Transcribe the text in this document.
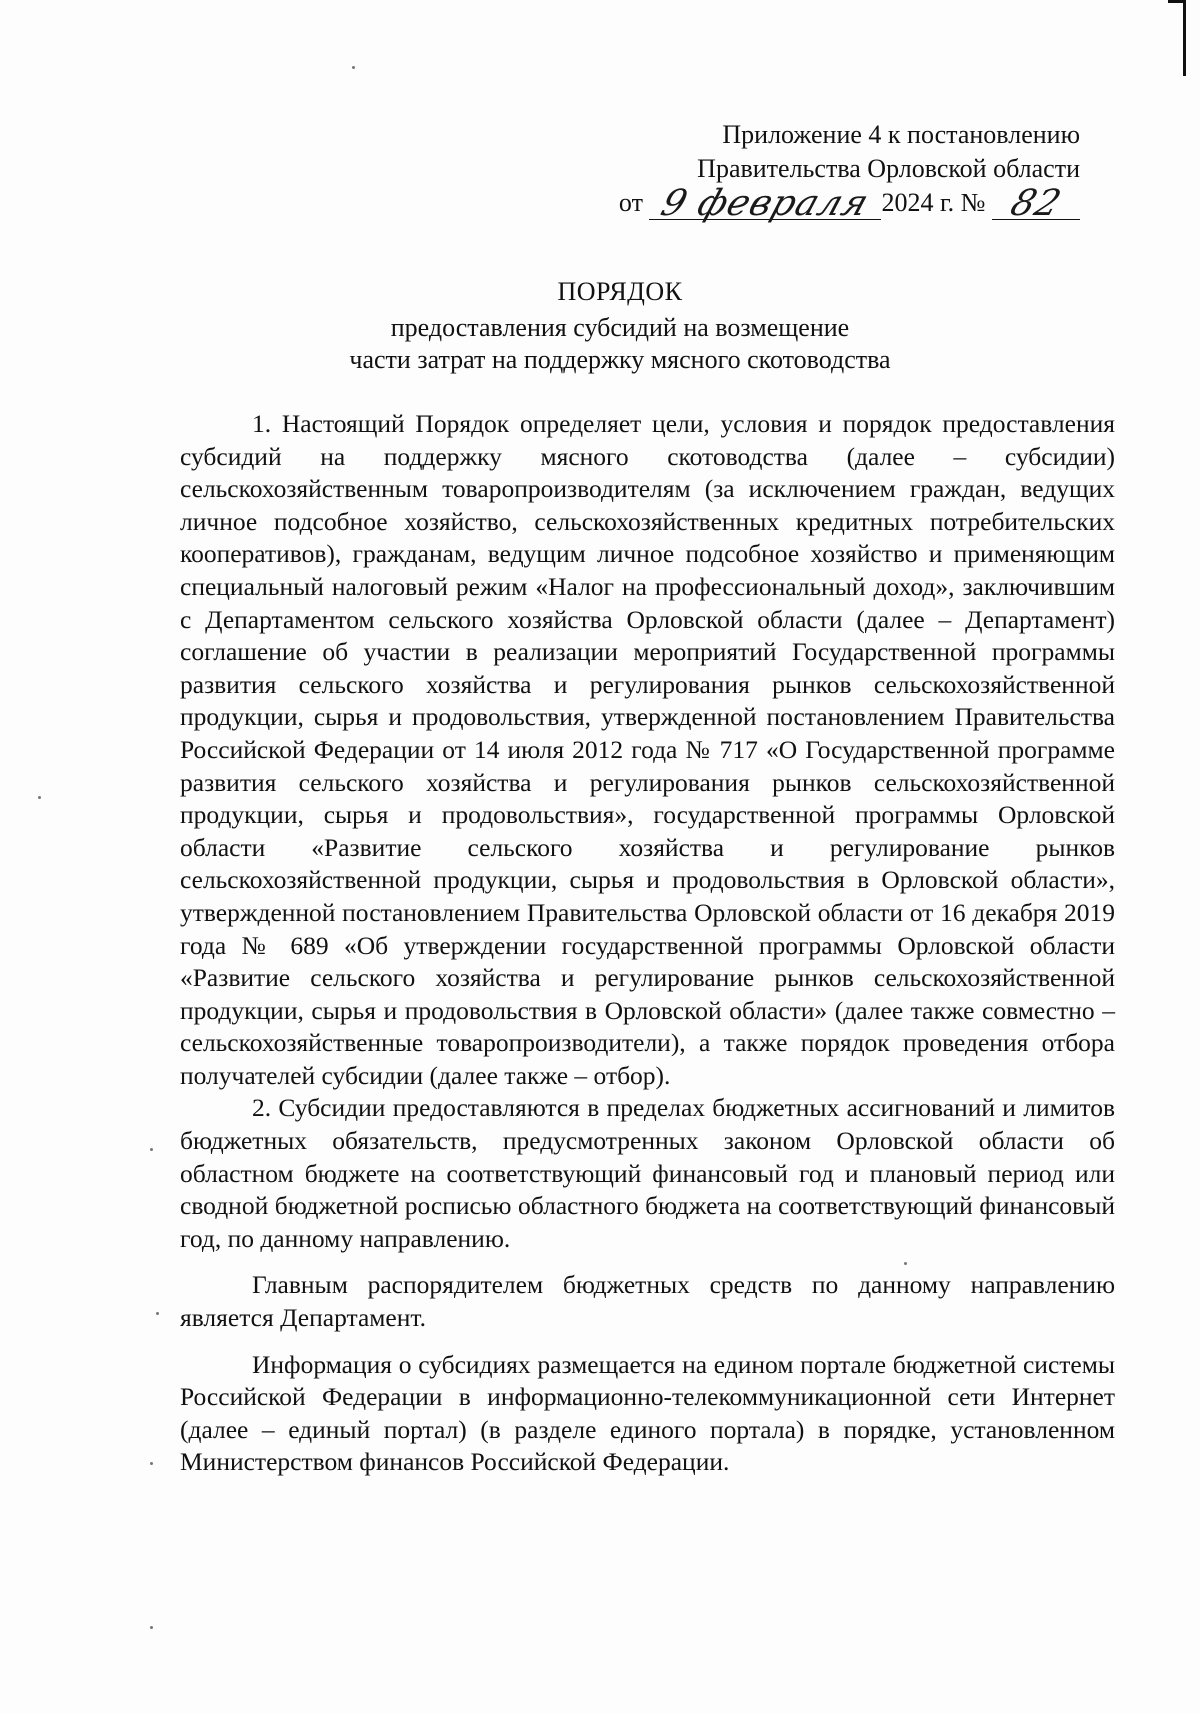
Приложение 4 к постановлению
Правительства Орловской области
от 9 февраля 2024 г. № 82
ПОРЯДОК
предоставления субсидий на возмещение
части затрат на поддержку мясного скотоводства

1. Настоящий Порядок определяет цели, условия и порядок предоставления субсидий на поддержку мясного скотоводства (далее – субсидии) сельскохозяйственным товаропроизводителям (за исключением граждан, ведущих личное подсобное хозяйство, сельскохозяйственных кредитных потребительских кооперативов), гражданам, ведущим личное подсобное хозяйство и применяющим специальный налоговый режим «Налог на профессиональный доход», заключившим с Департаментом сельского хозяйства Орловской области (далее – Департамент) соглашение об участии в реализации мероприятий Государственной программы развития сельского хозяйства и регулирования рынков сельскохозяйственной продукции, сырья и продовольствия, утвержденной постановлением Правительства Российской Федерации от 14 июля 2012 года № 717 «О Государственной программе развития сельского хозяйства и регулирования рынков сельскохозяйственной продукции, сырья и продовольствия», государственной программы Орловской области «Развитие сельского хозяйства и регулирование рынков сельскохозяйственной продукции, сырья и продовольствия в Орловской области», утвержденной постановлением Правительства Орловской области от 16 декабря 2019 года № 689 «Об утверждении государственной программы Орловской области «Развитие сельского хозяйства и регулирование рынков сельскохозяйственной продукции, сырья и продовольствия в Орловской области» (далее также совместно – сельскохозяйственные товаропроизводители), а также порядок проведения отбора получателей субсидии (далее также – отбор).

2. Субсидии предоставляются в пределах бюджетных ассигнований и лимитов бюджетных обязательств, предусмотренных законом Орловской области об областном бюджете на соответствующий финансовый год и плановый период или сводной бюджетной росписью областного бюджета на соответствующий финансовый год, по данному направлению.

Главным распорядителем бюджетных средств по данному направлению является Департамент.

Информация о субсидиях размещается на едином портале бюджетной системы Российской Федерации в информационно-телекоммуникационной сети Интернет (далее – единый портал) (в разделе единого портала) в порядке, установленном Министерством финансов Российской Федерации.
